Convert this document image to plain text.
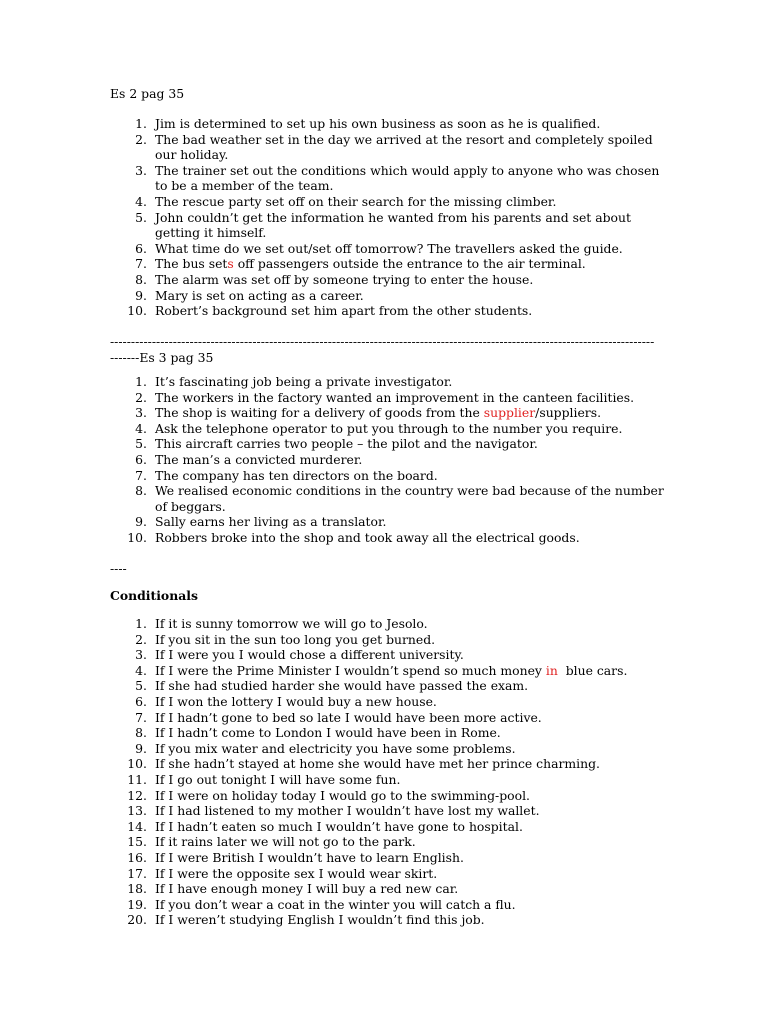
Es 2 pag 35

1. Jim is determined to set up his own business as soon as he is qualified.
2. The bad weather set in the day we arrived at the resort and completely spoiled our holiday.
3. The trainer set out the conditions which would apply to anyone who was chosen to be a member of the team.
4. The rescue party set off on their search for the missing climber.
5. John couldn’t get the information he wanted from his parents and set about getting it himself.
6. What time do we set out/set off tomorrow? The travellers asked the guide.
7. The bus sets off passengers outside the entrance to the air terminal.
8. The alarm was set off by someone trying to enter the house.
9. Mary is set on acting as a career.
10. Robert’s background set him apart from the other students.

-----------------------------------------------------------------------------------------------------------------------------------------Es 3 pag 35

1. It’s fascinating job being a private investigator.
2. The workers in the factory wanted an improvement in the canteen facilities.
3. The shop is waiting for a delivery of goods from the supplier/suppliers.
4. Ask the telephone operator to put you through to the number you require.
5. This aircraft carries two people – the pilot and the navigator.
6. The man’s a convicted murderer.
7. The company has ten directors on the board.
8. We realised economic conditions in the country were bad because of the number of beggars.
9. Sally earns her living as a translator.
10. Robbers broke into the shop and took away all the electrical goods.

----

Conditionals

1. If it is sunny tomorrow we will go to Jesolo.
2. If you sit in the sun too long you get burned.
3. If I were you I would chose a different university.
4. If I were the Prime Minister I wouldn’t spend so much money in  blue cars.
5. If she had studied harder she would have passed the exam.
6. If I won the lottery I would buy a new house.
7. If I hadn’t gone to bed so late I would have been more active.
8. If I hadn’t come to London I would have been in Rome.
9. If you mix water and electricity you have some problems.
10. If she hadn’t stayed at home she would have met her prince charming.
11. If I go out tonight I will have some fun.
12. If I were on holiday today I would go to the swimming-pool.
13. If I had listened to my mother I wouldn’t have lost my wallet.
14. If I hadn’t eaten so much I wouldn’t have gone to hospital.
15. If it rains later we will not go to the park.
16. If I were British I wouldn’t have to learn English.
17. If I were the opposite sex I would wear skirt.
18. If I have enough money I will buy a red new car.
19. If you don’t wear a coat in the winter you will catch a flu.
20. If I weren’t studying English I wouldn’t find this job.
